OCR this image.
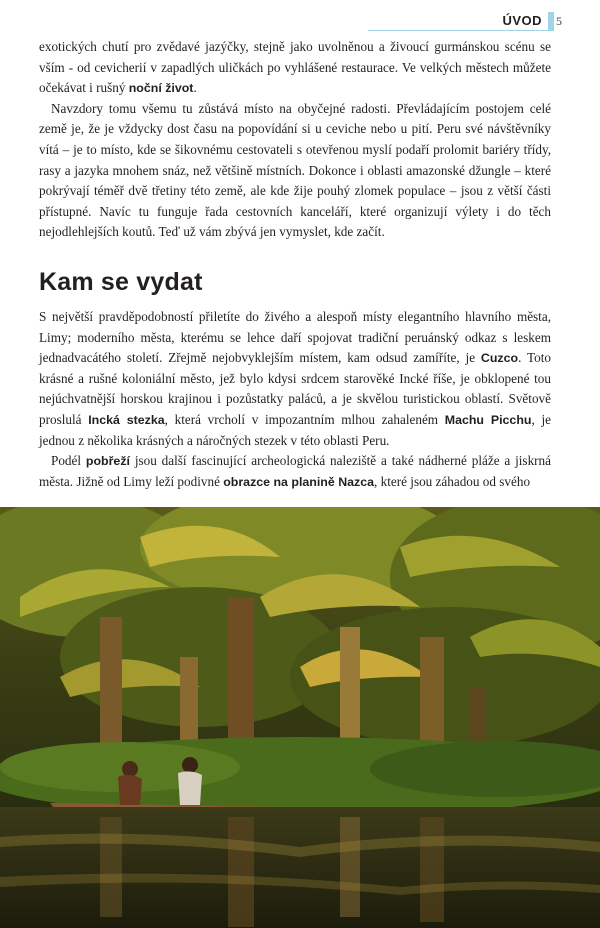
ÚVOD 5

exotických chutí pro zvědavé jazýčky, stejně jako uvolněnou a živoucí gurmánskou scénu se vším - od cevicherií v zapadlých uličkách po vyhlášené restaurace. Ve velkých městech můžete očekávat i rušný noční život.

Navzdory tomu všemu tu zůstává místo na obyčejné radosti. Převládajícím postojem celé země je, že je vždycky dost času na popovídání si u ceviche nebo u pití. Peru své návštěvníky vítá – je to místo, kde se šikovnému cestovateli s otevřenou myslí podaří prolomit bariéry třídy, rasy a jazyka mnohem snáz, než většině místních. Dokonce i oblasti amazonské džungle – které pokrývají téměř dvě třetiny této země, ale kde žije pouhý zlomek populace – jsou z větší části přístupné. Navíc tu funguje řada cestovních kanceláří, které organizují výlety i do těch nejodlehlejších koutů. Teď už vám zbývá jen vymyslet, kde začít.

Kam se vydat

S největší pravděpodobností přiletíte do živého a alespoň místy elegantního hlavního města, Limy; moderního města, kterému se lehce daří spojovat tradiční peruánský odkaz s leskem jednadvacátého století. Zřejmě nejobvyklejším místem, kam odsud zamíříte, je Cuzco. Toto krásné a rušné koloniální město, jež bylo kdysi srdcem starověké Incké říše, je obklopené tou nejúchvatnější horskou krajinou i pozůstatky paláců, a je skvělou turistickou oblastí. Světově proslulá Incká stezka, která vrcholí v impozantním mlhou zahaleném Machu Picchu, je jednou z několika krásných a náročných stezek v této oblasti Peru.

Podél pobřeží jsou další fascinující archeologická naleziště a také nádherné pláže a jiskrná města. Jižně od Limy leží podivné obrazce na planině Nazca, které jsou záhadou od svého
